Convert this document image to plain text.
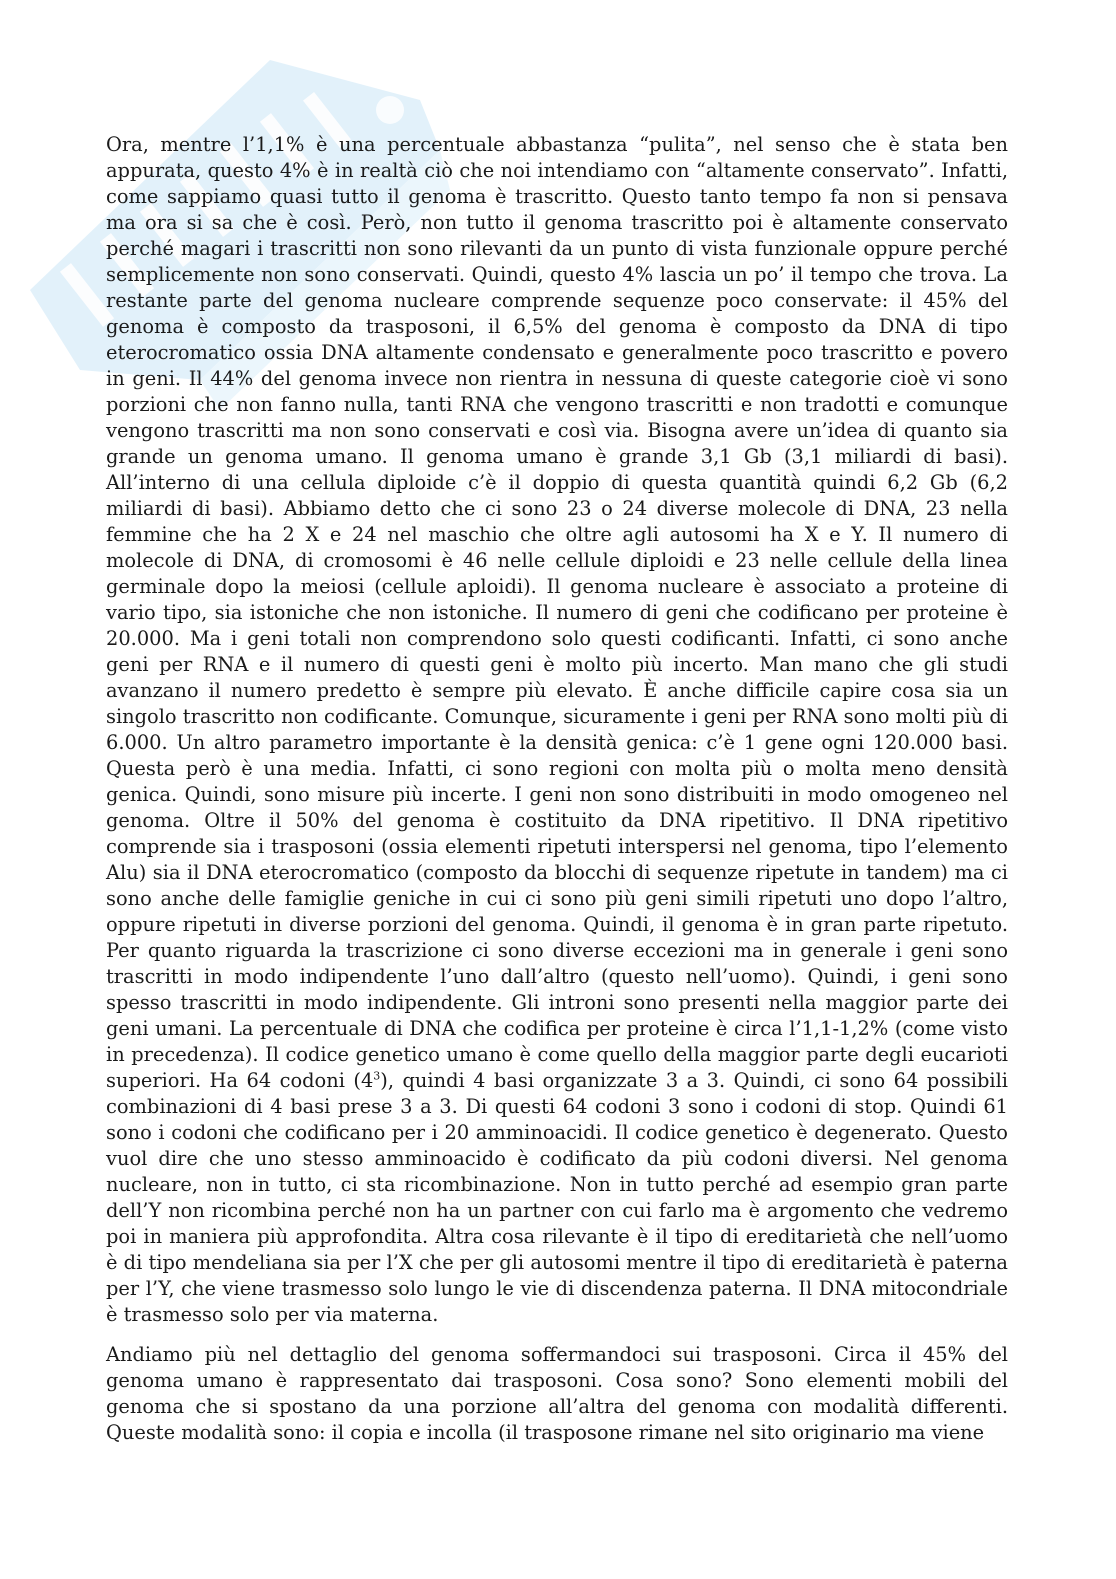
Ora, mentre l’1,1% è una percentuale abbastanza “pulita”, nel senso che è stata ben appurata, questo 4% è in realtà ciò che noi intendiamo con “altamente conservato”. Infatti, come sappiamo quasi tutto il genoma è trascritto. Questo tanto tempo fa non si pensava ma ora si sa che è così. Però, non tutto il genoma trascritto poi è altamente conservato perché magari i trascritti non sono rilevanti da un punto di vista funzionale oppure perché semplicemente non sono conservati. Quindi, questo 4% lascia un po’ il tempo che trova. La restante parte del genoma nucleare comprende sequenze poco conservate: il 45% del genoma è composto da trasposoni, il 6,5% del genoma è composto da DNA di tipo eterocromatico ossia DNA altamente condensato e generalmente poco trascritto e povero in geni. Il 44% del genoma invece non rientra in nessuna di queste categorie cioè vi sono porzioni che non fanno nulla, tanti RNA che vengono trascritti e non tradotti e comunque vengono trascritti ma non sono conservati e così via. Bisogna avere un’idea di quanto sia grande un genoma umano. Il genoma umano è grande 3,1 Gb (3,1 miliardi di basi). All’interno di una cellula diploide c’è il doppio di questa quantità quindi 6,2 Gb (6,2 miliardi di basi). Abbiamo detto che ci sono 23 o 24 diverse molecole di DNA, 23 nella femmine che ha 2 X e 24 nel maschio che oltre agli autosomi ha X e Y. Il numero di molecole di DNA, di cromosomi è 46 nelle cellule diploidi e 23 nelle cellule della linea germinale dopo la meiosi (cellule aploidi). Il genoma nucleare è associato a proteine di vario tipo, sia istoniche che non istoniche. Il numero di geni che codificano per proteine è 20.000. Ma i geni totali non comprendono solo questi codificanti. Infatti, ci sono anche geni per RNA e il numero di questi geni è molto più incerto. Man mano che gli studi avanzano il numero predetto è sempre più elevato. È anche difficile capire cosa sia un singolo trascritto non codificante. Comunque, sicuramente i geni per RNA sono molti più di 6.000. Un altro parametro importante è la densità genica: c’è 1 gene ogni 120.000 basi. Questa però è una media. Infatti, ci sono regioni con molta più o molta meno densità genica. Quindi, sono misure più incerte. I geni non sono distribuiti in modo omogeneo nel genoma. Oltre il 50% del genoma è costituito da DNA ripetitivo. Il DNA ripetitivo comprende sia i trasposoni (ossia elementi ripetuti interspersi nel genoma, tipo l’elemento Alu) sia il DNA eterocromatico (composto da blocchi di sequenze ripetute in tandem) ma ci sono anche delle famiglie geniche in cui ci sono più geni simili ripetuti uno dopo l’altro, oppure ripetuti in diverse porzioni del genoma. Quindi, il genoma è in gran parte ripetuto. Per quanto riguarda la trascrizione ci sono diverse eccezioni ma in generale i geni sono trascritti in modo indipendente l’uno dall’altro (questo nell’uomo). Quindi, i geni sono spesso trascritti in modo indipendente. Gli introni sono presenti nella maggior parte dei geni umani. La percentuale di DNA che codifica per proteine è circa l’1,1-1,2% (come visto in precedenza). Il codice genetico umano è come quello della maggior parte degli eucarioti superiori. Ha 64 codoni $(4^3)$, quindi 4 basi organizzate 3 a 3. Quindi, ci sono 64 possibili combinazioni di 4 basi prese 3 a 3. Di questi 64 codoni 3 sono i codoni di stop. Quindi 61 sono i codoni che codificano per i 20 amminoacidi. Il codice genetico è degenerato. Questo vuol dire che uno stesso amminoacido è codificato da più codoni diversi. Nel genoma nucleare, non in tutto, ci sta ricombinazione. Non in tutto perché ad esempio gran parte dell’Y non ricombina perché non ha un partner con cui farlo ma è argomento che vedremo poi in maniera più approfondita. Altra cosa rilevante è il tipo di ereditarietà che nell’uomo è di tipo mendeliana sia per l’X che per gli autosomi mentre il tipo di ereditarietà è paterna per l’Y, che viene trasmesso solo lungo le vie di discendenza paterna. Il DNA mitocondriale è trasmesso solo per via materna.

Andiamo più nel dettaglio del genoma soffermandoci sui trasposoni. Circa il 45% del genoma umano è rappresentato dai trasposoni. Cosa sono? Sono elementi mobili del genoma che si spostano da una porzione all’altra del genoma con modalità differenti. Queste modalità sono: il copia e incolla (il trasposone rimane nel sito originario ma viene
